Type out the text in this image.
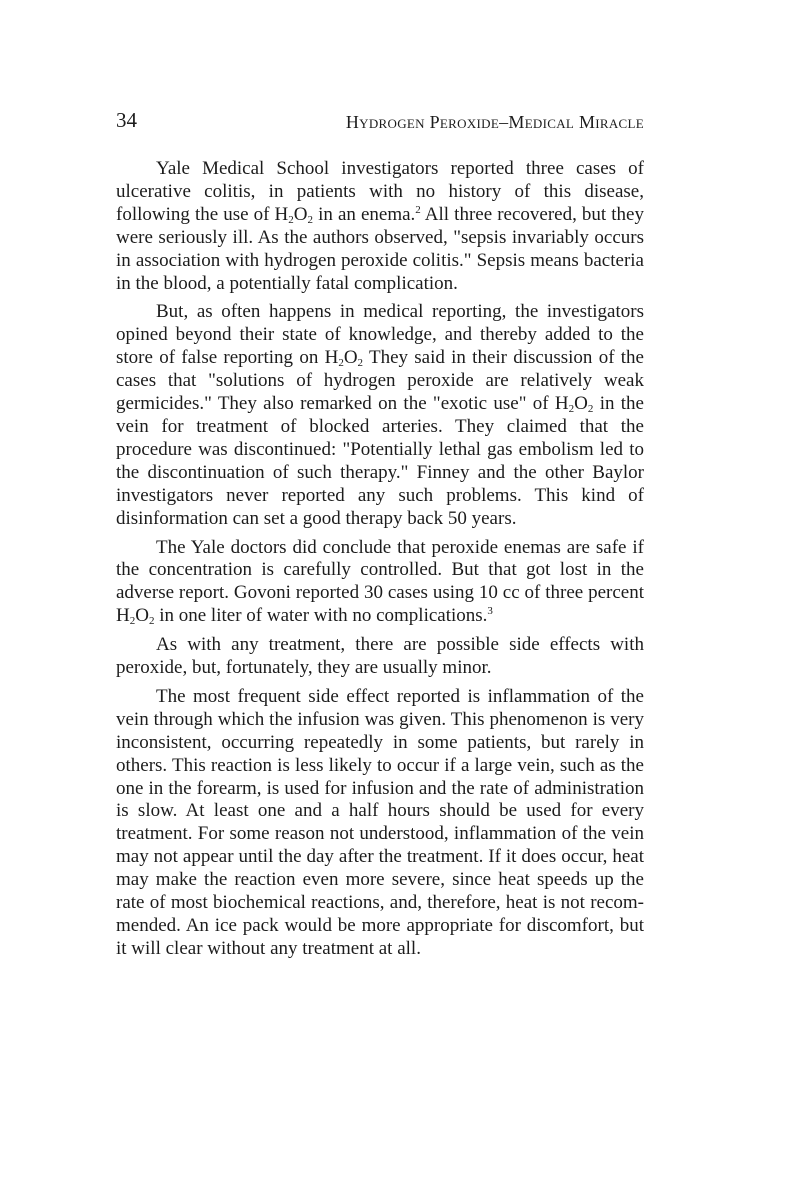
34	Hydrogen Peroxide–Medical Miracle

Yale Medical School investigators reported three cases of ulcerative colitis, in patients with no history of this disease, following the use of $H_2O_2$ in an enema.$^2$ All three recovered, but they were seriously ill. As the authors observed, "sepsis invariably occurs in association with hydrogen peroxide colitis." Sepsis means bacteria in the blood, a potentially fatal complication.

But, as often happens in medical reporting, the investigators opined beyond their state of knowledge, and thereby added to the store of false reporting on $H_2O_2$ They said in their discussion of the cases that "solutions of hydrogen peroxide are relatively weak germicides." They also remarked on the "exotic use" of $H_2O_2$ in the vein for treatment of blocked arteries. They claimed that the procedure was discontinued: "Potentially lethal gas embolism led to the discontinuation of such therapy." Finney and the other Baylor investigators never reported any such problems. This kind of disinformation can set a good therapy back 50 years.

The Yale doctors did conclude that peroxide enemas are safe if the concentration is carefully controlled. But that got lost in the adverse report. Govoni reported 30 cases using 10 cc of three percent $H_2O_2$ in one liter of water with no complications.$^3$

As with any treatment, there are possible side effects with peroxide, but, fortunately, they are usually minor.

The most frequent side effect reported is inflammation of the vein through which the infusion was given. This phenomenon is very inconsistent, occurring repeatedly in some patients, but rarely in others. This reaction is less likely to occur if a large vein, such as the one in the forearm, is used for infusion and the rate of administration is slow. At least one and a half hours should be used for every treatment. For some reason not understood, inflammation of the vein may not appear until the day after the treatment. If it does occur, heat may make the reaction even more severe, since heat speeds up the rate of most biochemical reactions, and, therefore, heat is not recommended. An ice pack would be more appropriate for discomfort, but it will clear without any treatment at all.
